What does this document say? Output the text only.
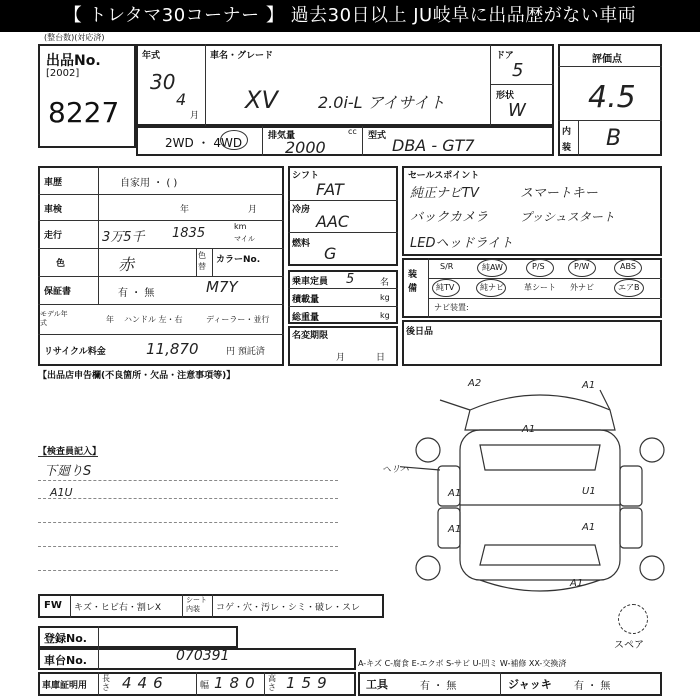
【 トレタマ30コーナー 】 過去30日以上 JU岐阜に出品歴がない車両
(整台数)(対応済)
出品No.
[2002]
8227
年式
30
4
月
車名・グレード
XV	2.0i-L アイサイト
ドア
5
形状
W
2WD ・ 4WD	排気量	cc
2000
型式 DBA - GT7
評価点
4.5
内
装 B
車歴	自家用 ・ ( )
車検	年	月
走行	3万5千 1835	km
マイル
色	赤	色替
カラーNo.
保証書	有 ・ 無	M7Y
モデル年式	年 ハンドル 左・右	ディーラー・並行
リサイクル料金	11,870	円 預託済
シフト
FAT
冷房
AAC
燃料 G
乗車定員 5	名
積載量	kg
総重量	kg
名変期限
月	日
セールスポイント
純正ナビTV	スマートキー
バックカメラ	プッシュスタート
LEDヘッドライト
装備
S/R	純AW	P/S	P/W	ABS
純TV	純ナビ	革シート 外ナビ	エアB
ナビ装置:
後日品
【出品店申告欄(不良箇所・欠品・注意事項等)】
【検査員記入】
下廻りS
A1U
A2	A1
A1
A1
A1
U1
A1
A1
ヘリハ
スペア
FW キズ・ヒビ右・割レX
シート内装	コゲ・穴・汚レ・シミ・破レ・スレ
登録No.
車台No.	070391	A-キズ C-腐食 E-エクボ S-サビ U-凹ミ W-補修 XX-交換済
車庫証明用
長さ 446	幅 180 高さ 159	工具	有 ・ 無	ジャッキ 有 ・ 無
